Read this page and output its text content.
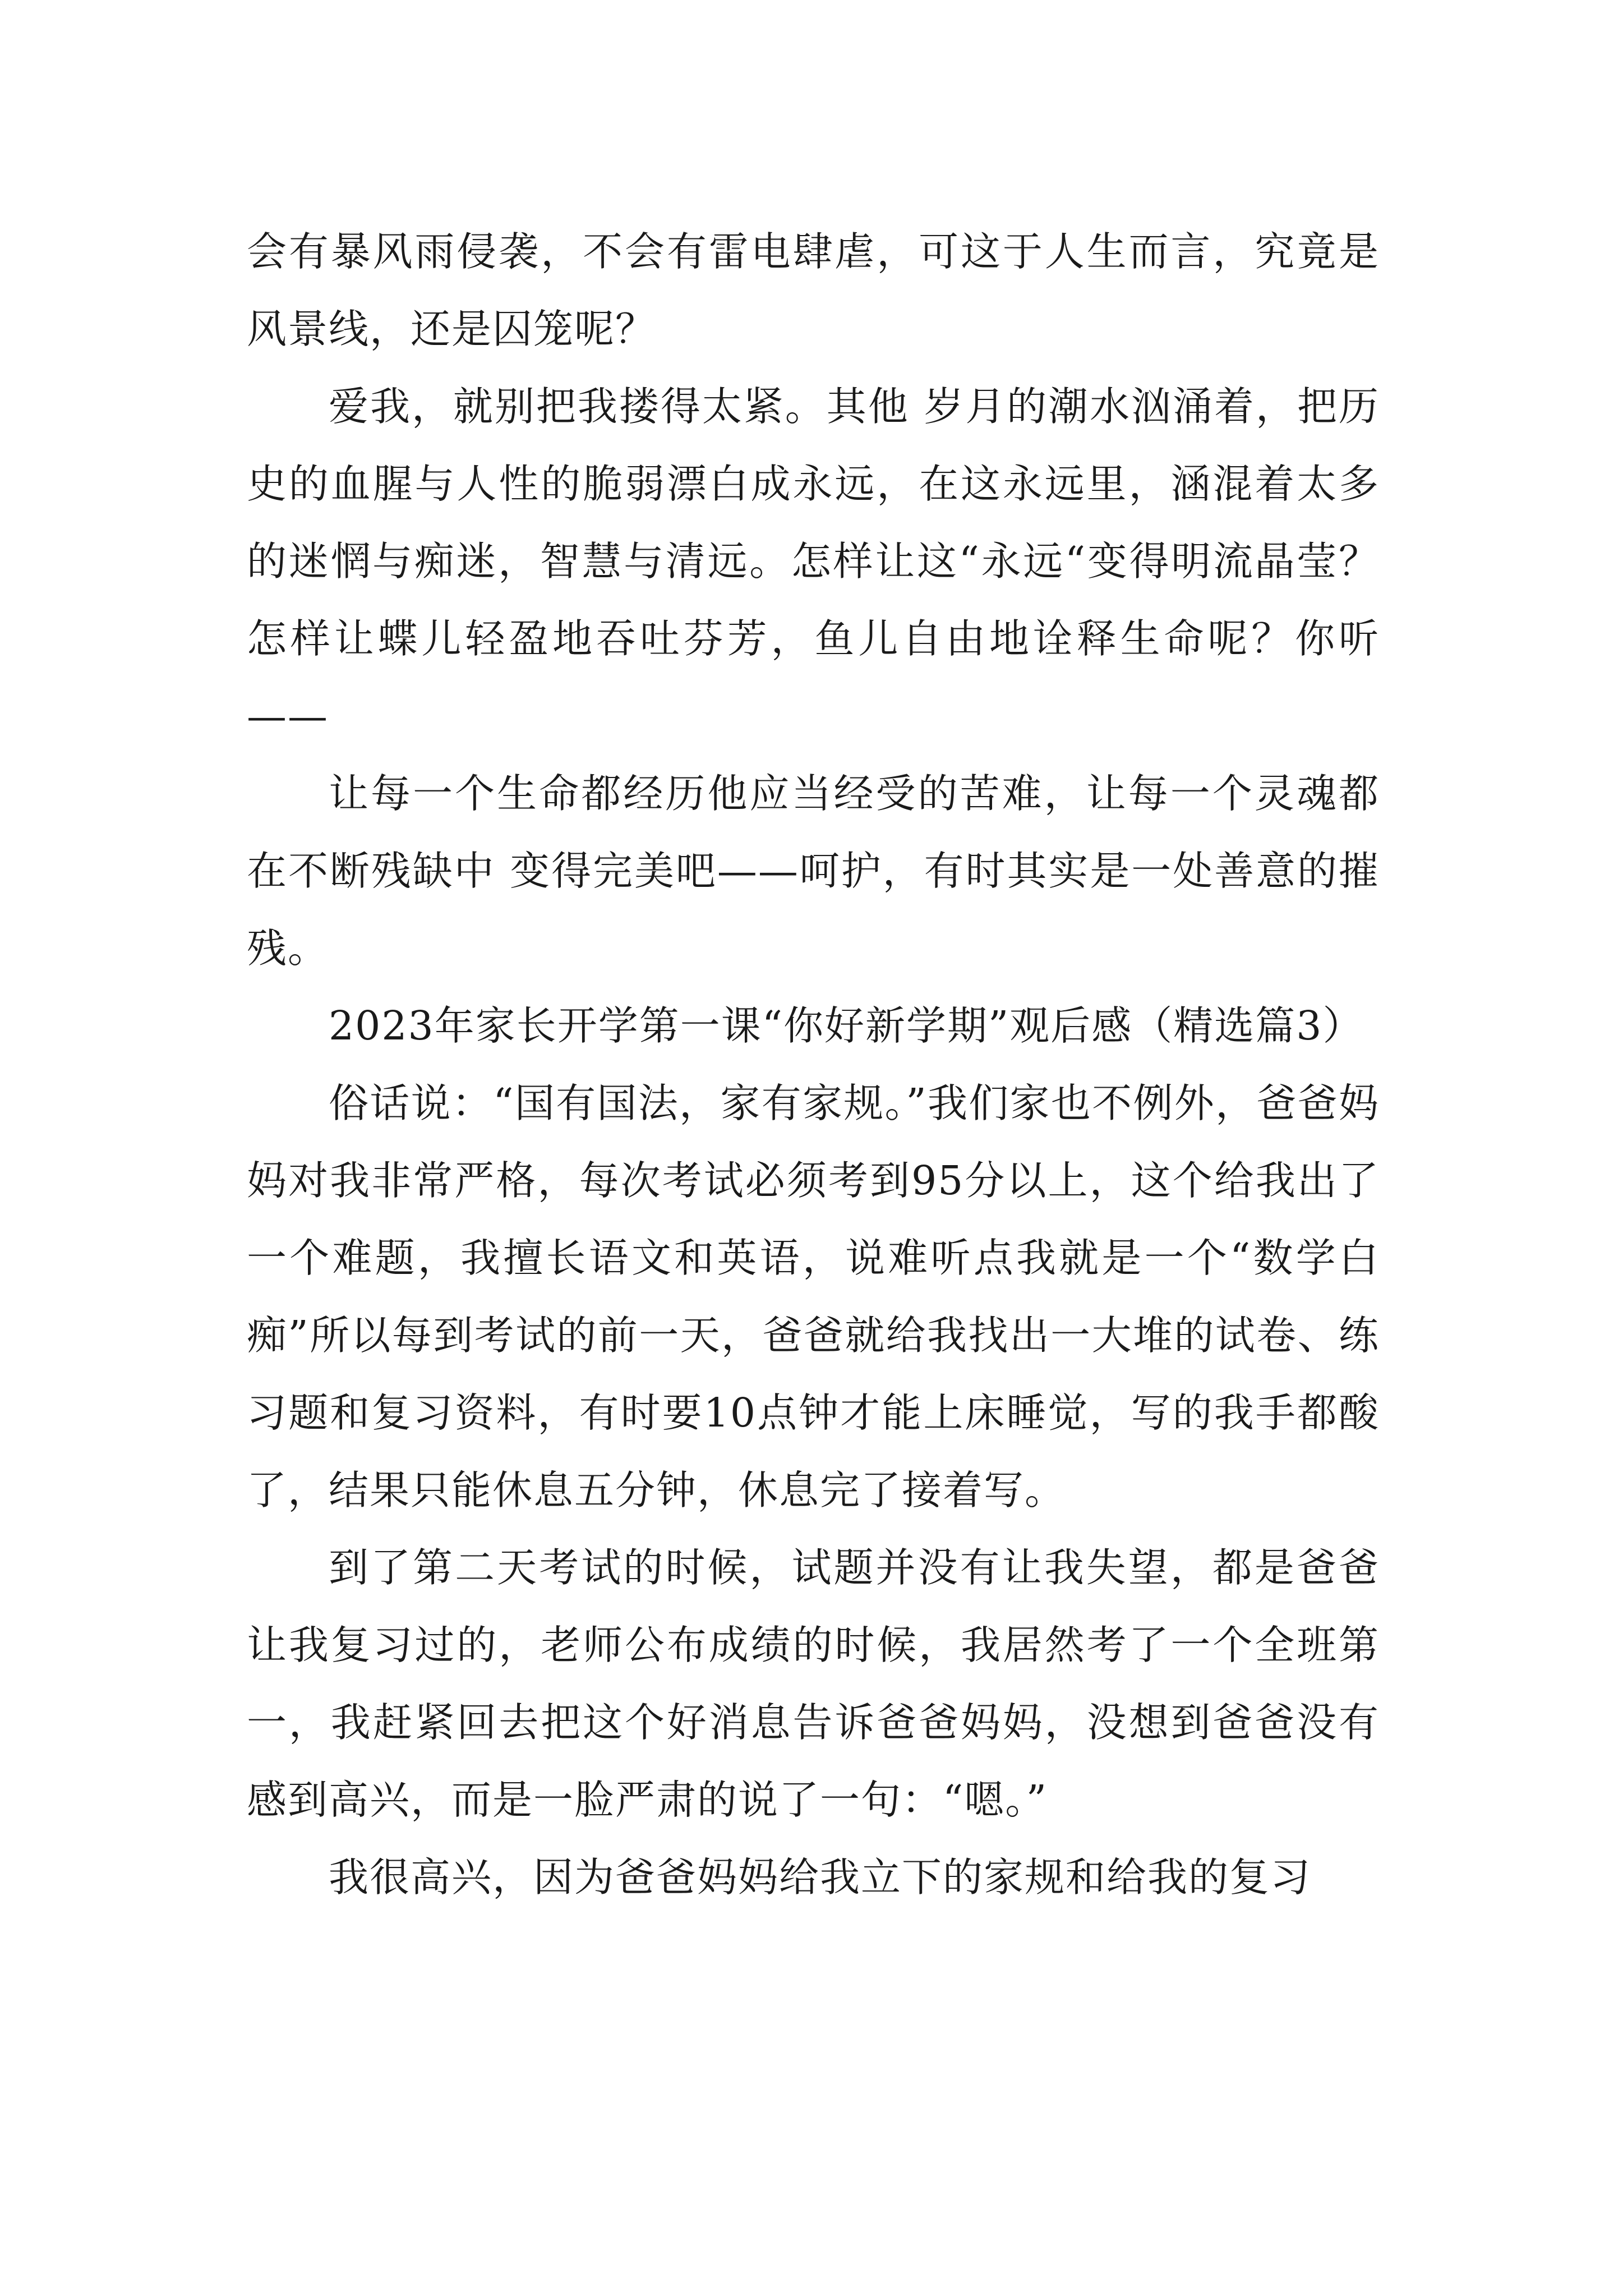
会有暴风雨侵袭，不会有雷电肆虐，可这于人生而言，究竟是风景线，还是囚笼呢？

爱我，就别把我搂得太紧。其他 岁月的潮水汹涌着，把历史的血腥与人性的脆弱漂白成永远，在这永远里，涵混着太多的迷惘与痴迷，智慧与清远。怎样让这“永远“变得明流晶莹？怎样让蝶儿轻盈地吞吐芬芳，鱼儿自由地诠释生命呢？你听——

让每一个生命都经历他应当经受的苦难，让每一个灵魂都在不断残缺中 变得完美吧——呵护，有时其实是一处善意的摧残。

2023年家长开学第一课“你好新学期”观后感（精选篇3）

俗话说：“国有国法，家有家规。”我们家也不例外，爸爸妈妈对我非常严格，每次考试必须考到95分以上，这个给我出了一个难题，我擅长语文和英语，说难听点我就是一个“数学白痴”所以每到考试的前一天，爸爸就给我找出一大堆的试卷、练习题和复习资料，有时要10点钟才能上床睡觉，写的我手都酸了，结果只能休息五分钟，休息完了接着写。

到了第二天考试的时候，试题并没有让我失望，都是爸爸让我复习过的，老师公布成绩的时候，我居然考了一个全班第一，我赶紧回去把这个好消息告诉爸爸妈妈，没想到爸爸没有感到高兴，而是一脸严肃的说了一句：“嗯。”

我很高兴，因为爸爸妈妈给我立下的家规和给我的复习
